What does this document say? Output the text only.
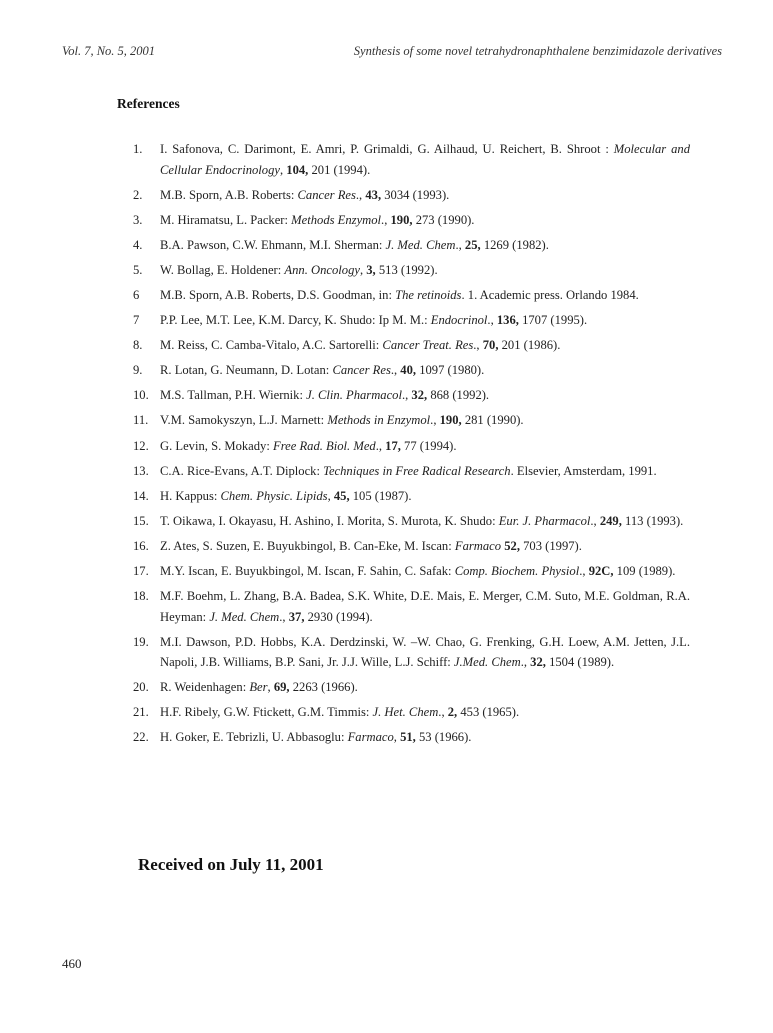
Vol. 7, No. 5, 2001	Synthesis of some novel tetrahydronaphthalene benzimidazole derivatives
References
1.	I. Safonova, C. Darimont, E. Amri, P. Grimaldi, G. Ailhaud, U. Reichert, B. Shroot : Molecular and Cellular Endocrinology, 104, 201 (1994).
2.	M.B. Sporn, A.B. Roberts: Cancer Res., 43, 3034 (1993).
3.	M. Hiramatsu, L. Packer: Methods Enzymol., 190, 273 (1990).
4.	B.A. Pawson, C.W. Ehmann, M.I. Sherman: J. Med. Chem., 25, 1269 (1982).
5.	W. Bollag, E. Holdener: Ann. Oncology, 3, 513 (1992).
6	M.B. Sporn, A.B. Roberts, D.S. Goodman, in: The retinoids. 1. Academic press. Orlando 1984.
7	P.P. Lee, M.T. Lee, K.M. Darcy, K. Shudo: Ip M. M.: Endocrinol., 136, 1707 (1995).
8.	M. Reiss, C. Camba-Vitalo, A.C. Sartorelli: Cancer Treat. Res., 70, 201 (1986).
9.	R. Lotan, G. Neumann, D. Lotan: Cancer Res., 40, 1097 (1980).
10. M.S. Tallman, P.H. Wiernik: J. Clin. Pharmacol., 32, 868 (1992).
11. V.M. Samokyszyn, L.J. Marnett: Methods in Enzymol., 190, 281 (1990).
12. G. Levin, S. Mokady: Free Rad. Biol. Med., 17, 77 (1994).
13. C.A. Rice-Evans, A.T. Diplock: Techniques in Free Radical Research. Elsevier, Amsterdam, 1991.
14. H. Kappus: Chem. Physic. Lipids, 45, 105 (1987).
15. T. Oikawa, I. Okayasu, H. Ashino, I. Morita, S. Murota, K. Shudo: Eur. J. Pharmacol., 249, 113 (1993).
16. Z. Ates, S. Suzen, E. Buyukbingol, B. Can-Eke, M. Iscan: Farmaco 52, 703 (1997).
17. M.Y. Iscan, E. Buyukbingol, M. Iscan, F. Sahin, C. Safak: Comp. Biochem. Physiol., 92C, 109 (1989).
18. M.F. Boehm, L. Zhang, B.A. Badea, S.K. White, D.E. Mais, E. Merger, C.M. Suto, M.E. Goldman, R.A. Heyman: J. Med. Chem., 37, 2930 (1994).
19. M.I. Dawson, P.D. Hobbs, K.A. Derdzinski, W. –W. Chao, G. Frenking, G.H. Loew, A.M. Jetten, J.L. Napoli, J.B. Williams, B.P. Sani, Jr. J.J. Wille, L.J. Schiff: J.Med. Chem., 32, 1504 (1989).
20. R. Weidenhagen: Ber, 69, 2263 (1966).
21. H.F. Ribely, G.W. Ftickett, G.M. Timmis: J. Het. Chem., 2, 453 (1965).
22. H. Goker, E. Tebrizli, U. Abbasoglu: Farmaco, 51, 53 (1966).
Received on July 11, 2001
460
